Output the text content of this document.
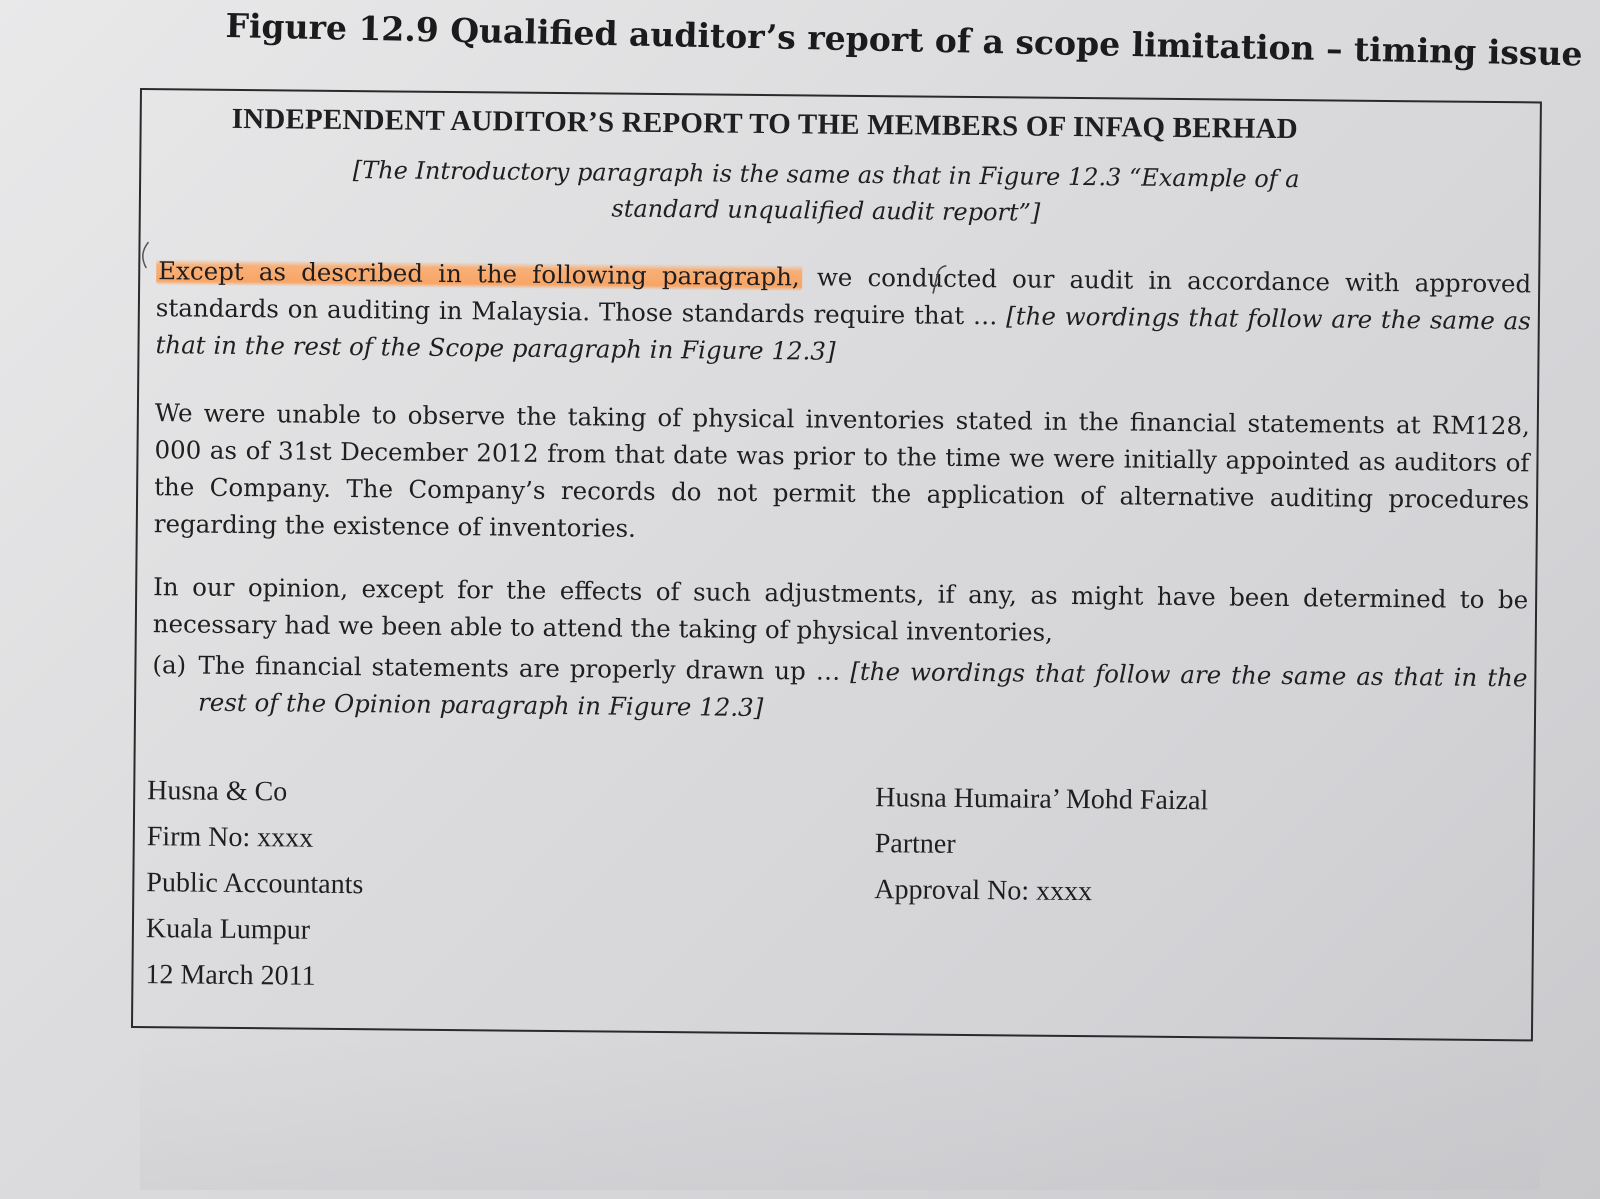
Figure 12.9 Qualified auditor’s report of a scope limitation – timing issue
INDEPENDENT AUDITOR’S REPORT TO THE MEMBERS OF INFAQ BERHAD
[The Introductory paragraph is the same as that in Figure 12.3 “Example of a standard unqualified audit report”]
Except as described in the following paragraph, we conducted our audit in accordance with approved standards on auditing in Malaysia. Those standards require that … [the wordings that follow are the same as that in the rest of the Scope paragraph in Figure 12.3]
We were unable to observe the taking of physical inventories stated in the financial statements at RM128, 000 as of 31st December 2012 from that date was prior to the time we were initially appointed as auditors of the Company. The Company’s records do not permit the application of alternative auditing procedures regarding the existence of inventories.
In our opinion, except for the effects of such adjustments, if any, as might have been determined to be necessary had we been able to attend the taking of physical inventories,
(a) The financial statements are properly drawn up … [the wordings that follow are the same as that in the rest of the Opinion paragraph in Figure 12.3]
Husna & Co
Firm No: xxxx
Public Accountants
Kuala Lumpur
12 March 2011
Husna Humaira’ Mohd Faizal
Partner
Approval No: xxxx
